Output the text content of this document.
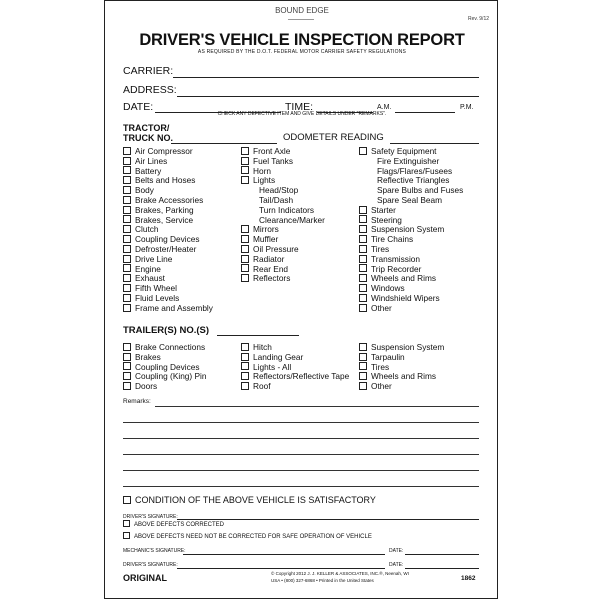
BOUND EDGE
Rev. 9/12
DRIVER'S VEHICLE INSPECTION REPORT
AS REQUIRED BY THE D.O.T. FEDERAL MOTOR CARRIER SAFETY REGULATIONS
CARRIER:
ADDRESS:
DATE:	TIME:	A.M.	P.M.
CHECK ANY DEFECTIVE ITEM AND GIVE DETAILS UNDER "REMARKS".
TRACTOR/
TRUCK NO.	ODOMETER READING
Air Compressor
Air Lines
Battery
Belts and Hoses
Body
Brake Accessories
Brakes, Parking
Brakes, Service
Clutch
Coupling Devices
Defroster/Heater
Drive Line
Engine
Exhaust
Fifth Wheel
Fluid Levels
Frame and Assembly
Front Axle
Fuel Tanks
Horn
Lights
Head/Stop
Tail/Dash
Turn Indicators
Clearance/Marker
Mirrors
Muffler
Oil Pressure
Radiator
Rear End
Reflectors
Safety Equipment
Fire Extinguisher
Flags/Flares/Fusees
Reflective Triangles
Spare Bulbs and Fuses
Spare Seal Beam
Starter
Steering
Suspension System
Tire Chains
Tires
Transmission
Trip Recorder
Wheels and Rims
Windows
Windshield Wipers
Other
TRAILER(S) NO.(S)
Brake Connections
Brakes
Coupling Devices
Coupling (King) Pin
Doors
Hitch
Landing Gear
Lights - All
Reflectors/Reflective Tape
Roof
Suspension System
Tarpaulin
Tires
Wheels and Rims
Other
Remarks:
CONDITION OF THE ABOVE VEHICLE IS SATISFACTORY
DRIVER'S SIGNATURE:
ABOVE DEFECTS CORRECTED
ABOVE DEFECTS NEED NOT BE CORRECTED FOR SAFE OPERATION OF VEHICLE
MECHANIC'S SIGNATURE:	DATE:
DRIVER'S SIGNATURE:	DATE:
ORIGINAL	© Copyright 2012 J. J. KELLER & ASSOCIATES, INC.®, Neenah, WI
USA • (800) 327-6868 • Printed in the United States	1862
